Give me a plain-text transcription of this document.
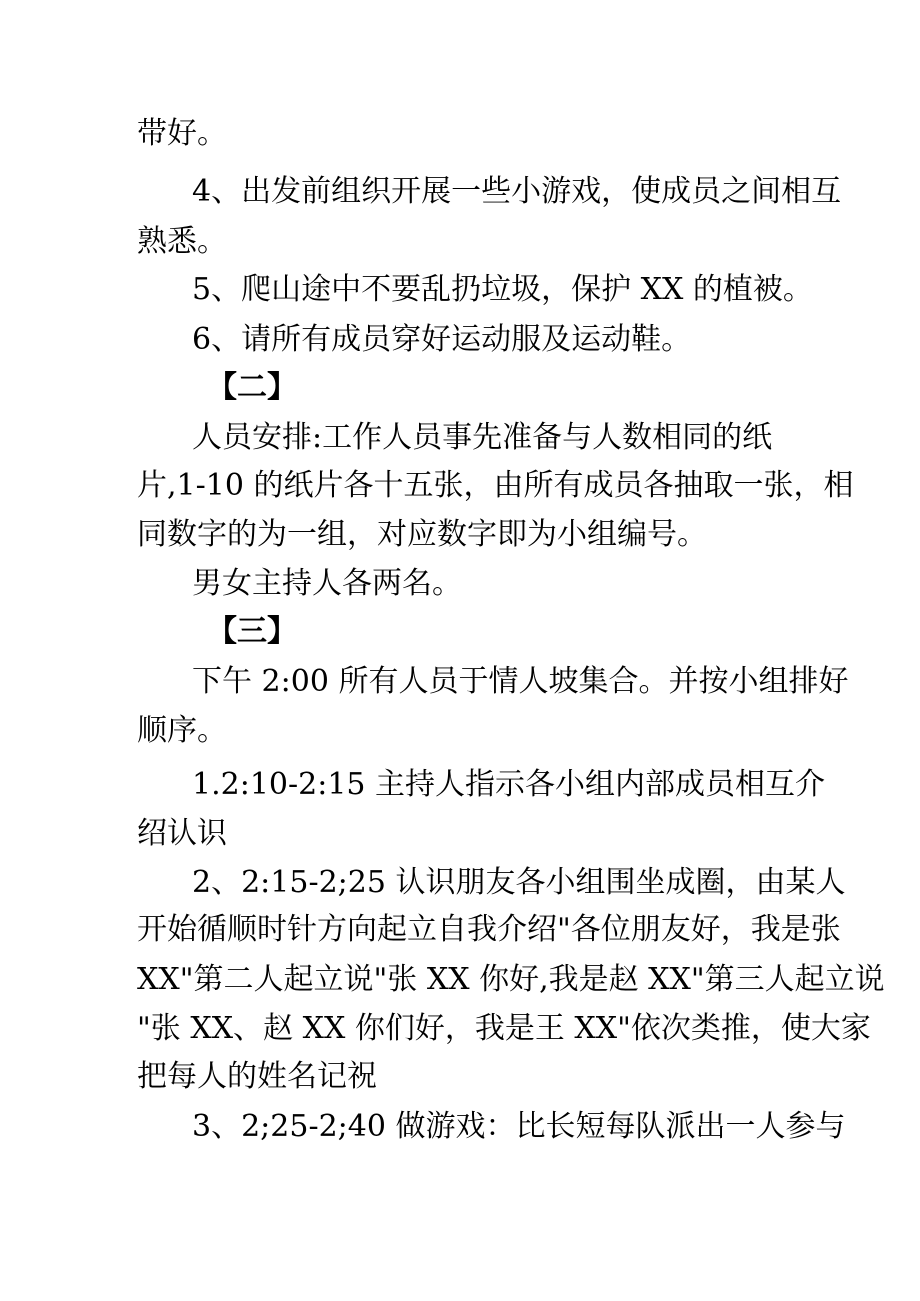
带好。
4、出发前组织开展一些小游戏，使成员之间相互
熟悉。
5、爬山途中不要乱扔垃圾，保护 XX 的植被。
6、请所有成员穿好运动服及运动鞋。
【二】
人员安排:工作人员事先准备与人数相同的纸
片,1-10 的纸片各十五张，由所有成员各抽取一张，相
同数字的为一组，对应数字即为小组编号。
男女主持人各两名。
【三】
下午 2:00 所有人员于情人坡集合。并按小组排好
顺序。
1.2:10-2:15 主持人指示各小组内部成员相互介
绍认识
2、2:15-2;25 认识朋友各小组围坐成圈，由某人
开始循顺时针方向起立自我介绍"各位朋友好，我是张
XX"第二人起立说"张 XX 你好,我是赵 XX"第三人起立说
"张 XX、赵 XX 你们好，我是王 XX"依次类推，使大家
把每人的姓名记祝
3、2;25-2;40 做游戏：比长短每队派出一人参与
